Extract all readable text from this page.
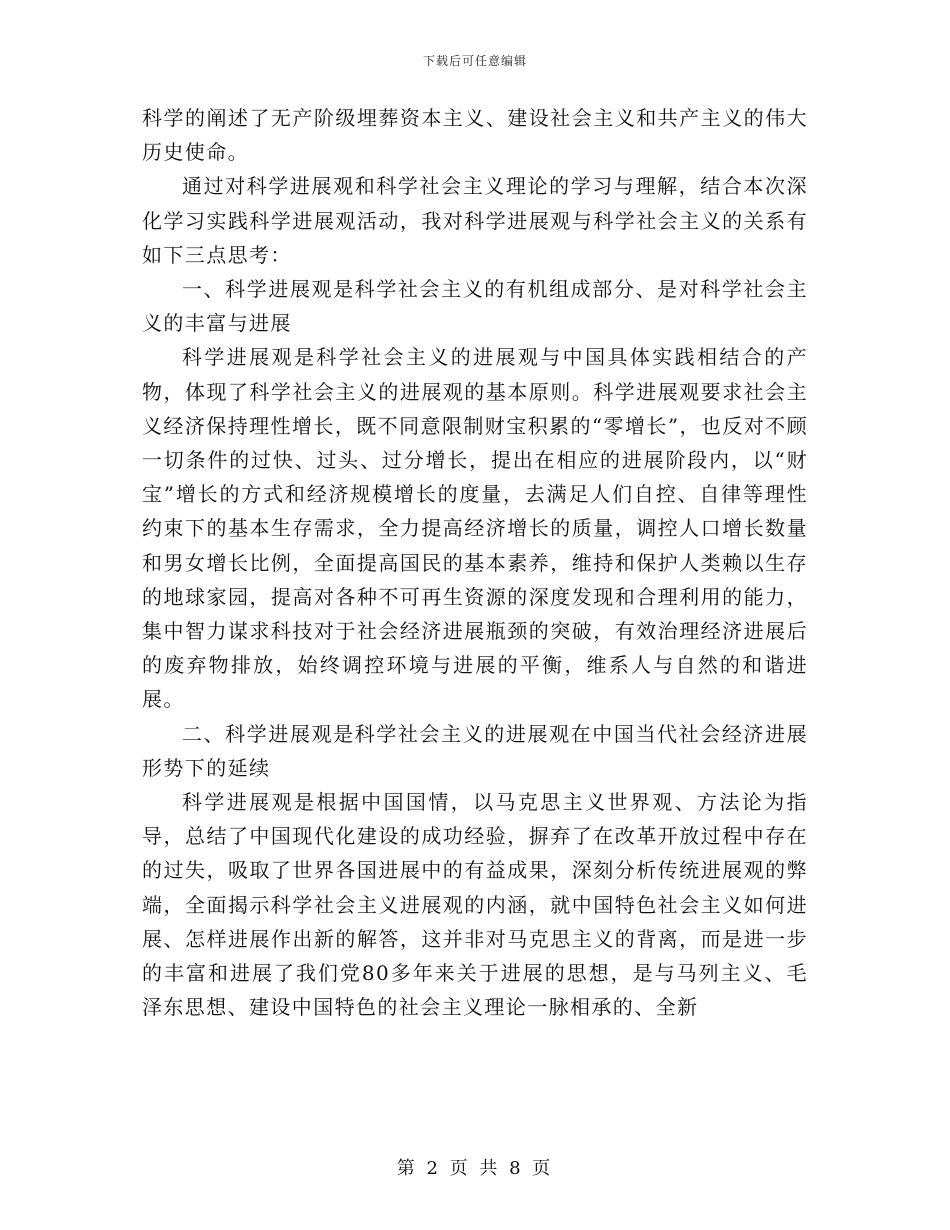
下载后可任意编辑

科学的阐述了无产阶级埋葬资本主义、建设社会主义和共产主义的伟大历史使命。

通过对科学进展观和科学社会主义理论的学习与理解，结合本次深化学习实践科学进展观活动，我对科学进展观与科学社会主义的关系有如下三点思考：

一、科学进展观是科学社会主义的有机组成部分、是对科学社会主义的丰富与进展

科学进展观是科学社会主义的进展观与中国具体实践相结合的产物，体现了科学社会主义的进展观的基本原则。科学进展观要求社会主义经济保持理性增长，既不同意限制财宝积累的“零增长”，也反对不顾一切条件的过快、过头、过分增长，提出在相应的进展阶段内，以“财宝”增长的方式和经济规模增长的度量，去满足人们自控、自律等理性约束下的基本生存需求，全力提高经济增长的质量，调控人口增长数量和男女增长比例，全面提高国民的基本素养，维持和保护人类赖以生存的地球家园，提高对各种不可再生资源的深度发现和合理利用的能力，集中智力谋求科技对于社会经济进展瓶颈的突破，有效治理经济进展后的废弃物排放，始终调控环境与进展的平衡，维系人与自然的和谐进展。

二、科学进展观是科学社会主义的进展观在中国当代社会经济进展形势下的延续

科学进展观是根据中国国情，以马克思主义世界观、方法论为指导，总结了中国现代化建设的成功经验，摒弃了在改革开放过程中存在的过失，吸取了世界各国进展中的有益成果，深刻分析传统进展观的弊端，全面揭示科学社会主义进展观的内涵，就中国特色社会主义如何进展、怎样进展作出新的解答，这并非对马克思主义的背离，而是进一步的丰富和进展了我们党80多年来关于进展的思想，是与马列主义、毛泽东思想、建设中国特色的社会主义理论一脉相承的、全新

第 2 页 共 8 页
